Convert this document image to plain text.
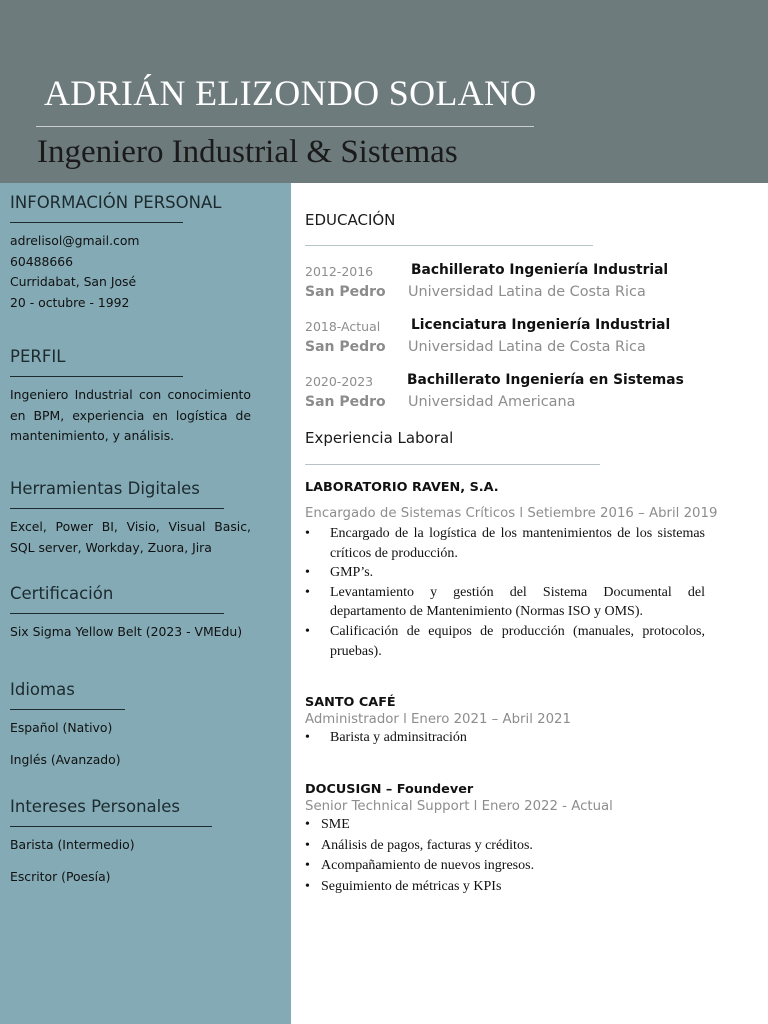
ADRIÁN ELIZONDO SOLANO
Ingeniero Industrial & Sistemas
INFORMACIÓN PERSONAL
adrelisol@gmail.com
60488666
Curridabat, San José
20 - octubre - 1992
PERFIL
Ingeniero Industrial con conocimiento en BPM, experiencia en logística de mantenimiento, y análisis.
Herramientas Digitales
Excel, Power BI, Visio, Visual Basic, SQL server, Workday, Zuora, Jira
Certificación
Six Sigma Yellow Belt (2023 - VMEdu)
Idiomas
Español (Nativo)
Inglés (Avanzado)
Intereses Personales
Barista (Intermedio)
Escritor (Poesía)
EDUCACIÓN
2012-2016	Bachillerato Ingeniería Industrial
San Pedro Universidad Latina de Costa Rica
2018-Actual Licenciatura Ingeniería Industrial
San Pedro Universidad Latina de Costa Rica
2020-2023 Bachillerato Ingeniería en Sistemas
San Pedro Universidad Americana
Experiencia Laboral
LABORATORIO RAVEN, S.A.
Encargado de Sistemas Críticos l Setiembre 2016 – Abril 2019
• Encargado de la logística de los mantenimientos de los sistemas críticos de producción.
• GMP’s.
• Levantamiento y gestión del Sistema Documental del departamento de Mantenimiento (Normas ISO y OMS).
• Calificación de equipos de producción (manuales, protocolos, pruebas).
SANTO CAFÉ
Administrador l Enero 2021 – Abril 2021
• Barista y adminsitración
DOCUSIGN – Foundever
Senior Technical Support l Enero 2022 - Actual
• SME
• Análisis de pagos, facturas y créditos.
• Acompañamiento de nuevos ingresos.
• Seguimiento de métricas y KPIs
